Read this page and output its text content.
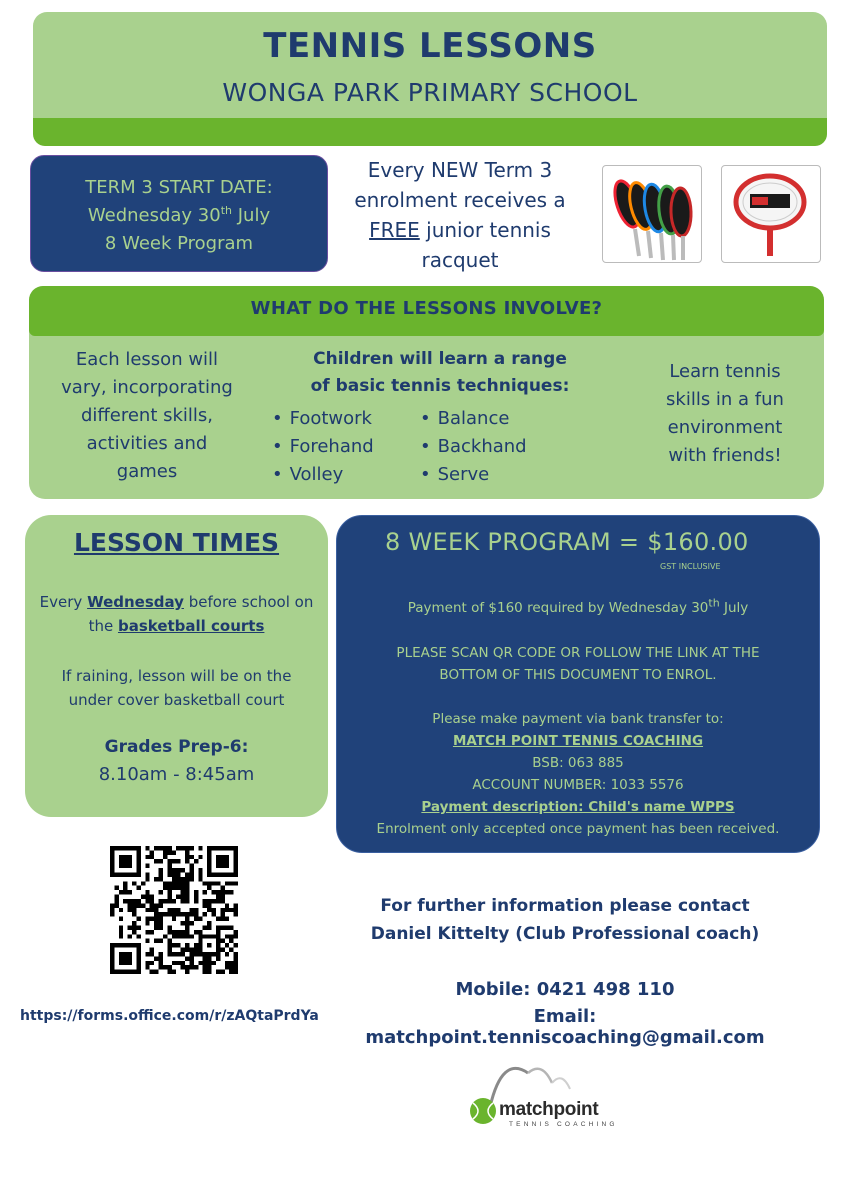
TENNIS LESSONS
WONGA PARK PRIMARY SCHOOL
TERM 3 START DATE:
Wednesday 30th July
8 Week Program
Every NEW Term 3
enrolment receives a
FREE junior tennis
racquet
WHAT DO THE LESSONS INVOLVE?
Each lesson will
vary, incorporating
different skills,
activities and
games
Children will learn a range
of basic tennis techniques:
• Footwork
• Forehand
• Volley
• Balance
• Backhand
• Serve
Learn tennis
skills in a fun
environment
with friends!
LESSON TIMES
Every Wednesday before school on
the basketball courts
If raining, lesson will be on the
under cover basketball court
Grades Prep-6:
8.10am - 8:45am
8 WEEK PROGRAM = $160.00
GST INCLUSIVE
Payment of $160 required by Wednesday 30th July
PLEASE SCAN QR CODE OR FOLLOW THE LINK AT THE
BOTTOM OF THIS DOCUMENT TO ENROL.
Please make payment via bank transfer to:
MATCH POINT TENNIS COACHING
BSB: 063 885
ACCOUNT NUMBER: 1033 5576
Payment description: Child's name WPPS
Enrolment only accepted once payment has been received.
https://forms.office.com/r/zAQtaPrdYa
For further information please contact
Daniel Kittelty (Club Professional coach)
Mobile: 0421 498 110
Email: matchpoint.tenniscoaching@gmail.com
matchpoint
TENNIS COACHING
